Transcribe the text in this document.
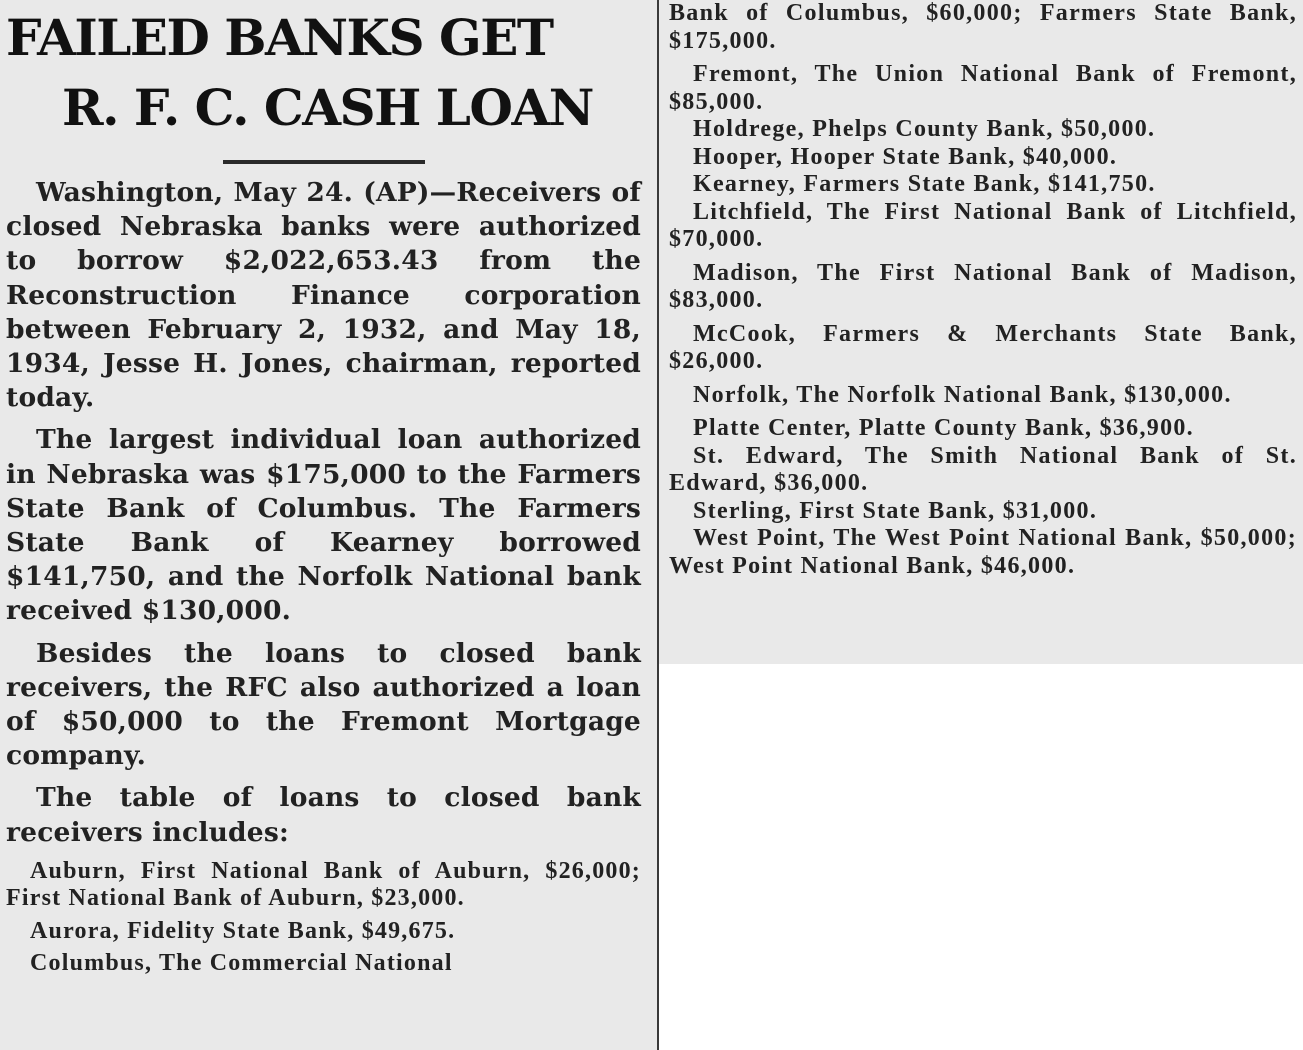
FAILED BANKS GET
R. F. C. CASH LOAN

Washington, May 24. (AP)—Receivers of closed Nebraska banks were authorized to borrow $2,022,653.43 from the Reconstruction Finance corporation between February 2, 1932, and May 18, 1934, Jesse H. Jones, chairman, reported today.

The largest individual loan authorized in Nebraska was $175,000 to the Farmers State Bank of Columbus. The Farmers State Bank of Kearney borrowed $141,750, and the Norfolk National bank received $130,000.

Besides the loans to closed bank receivers, the RFC also authorized a loan of $50,000 to the Fremont Mortgage company.

The table of loans to closed bank receivers includes:

Auburn, First National Bank of Auburn, $26,000; First National Bank of Auburn, $23,000.

Aurora, Fidelity State Bank, $49,675.

Columbus, The Commercial National

Bank of Columbus, $60,000; Farmers State Bank, $175,000.

Fremont, The Union National Bank of Fremont, $85,000.

Holdrege, Phelps County Bank, $50,000.

Hooper, Hooper State Bank, $40,000.

Kearney, Farmers State Bank, $141,750.

Litchfield, The First National Bank of Litchfield, $70,000.

Madison, The First National Bank of Madison, $83,000.

McCook, Farmers & Merchants State Bank, $26,000.

Norfolk, The Norfolk National Bank, $130,000.

Platte Center, Platte County Bank, $36,900.

St. Edward, The Smith National Bank of St. Edward, $36,000.

Sterling, First State Bank, $31,000.

West Point, The West Point National Bank, $50,000; West Point National Bank, $46,000.
